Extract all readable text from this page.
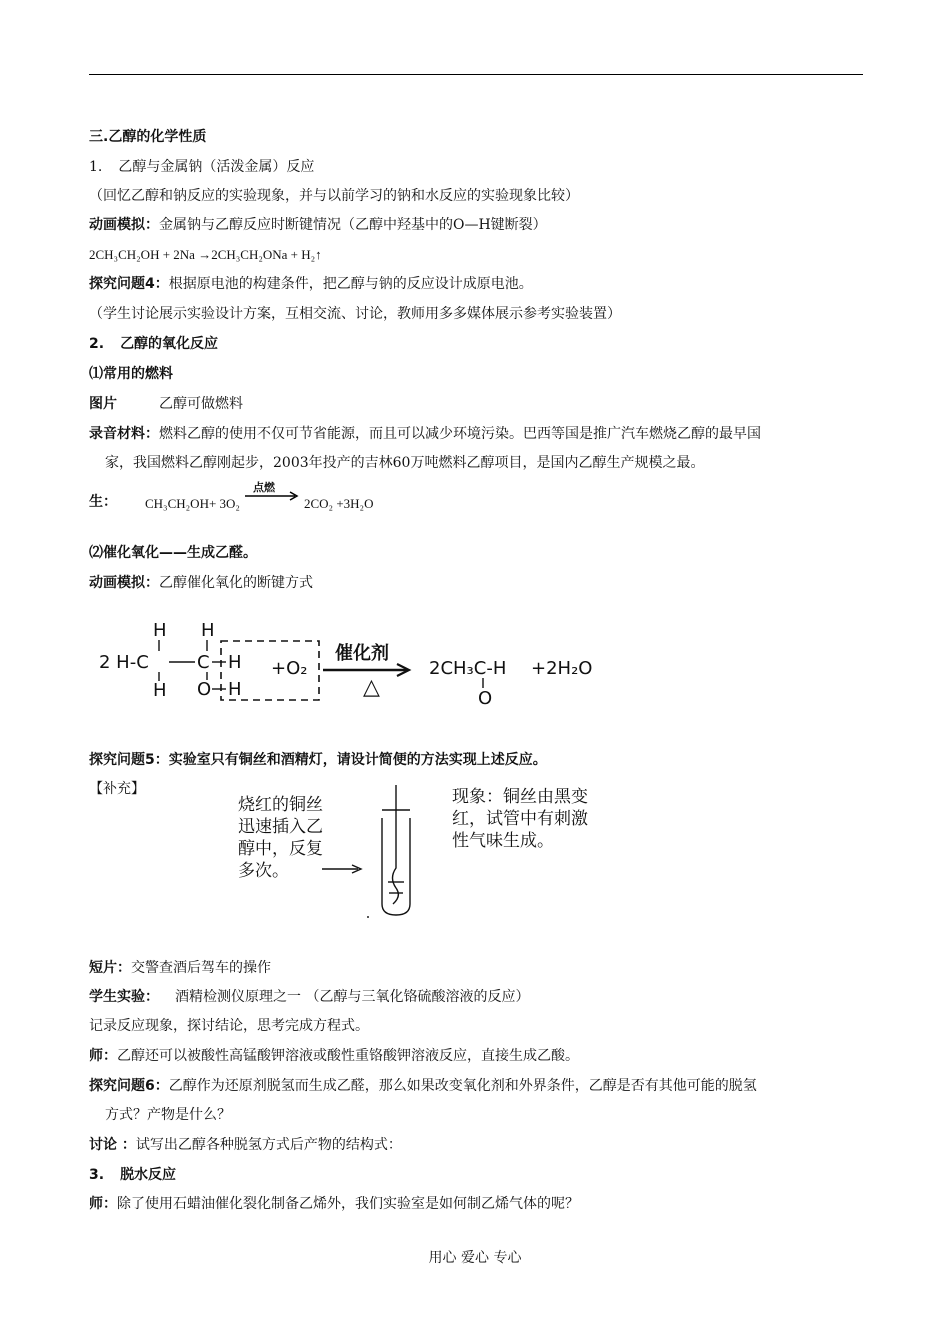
三.乙醇的化学性质
1. 乙醇与金属钠（活泼金属）反应
（回忆乙醇和钠反应的实验现象，并与以前学习的钠和水反应的实验现象比较）
动画模拟：金属钠与乙醇反应时断键情况（乙醇中羟基中的O—H键断裂）
2CH₃CH₂OH + 2Na →2CH₃CH₂ONa + H₂↑
探究问题4：根据原电池的构建条件，把乙醇与钠的反应设计成原电池。
（学生讨论展示实验设计方案，互相交流、讨论，教师用多多媒体展示参考实验装置）
2. 乙醇的氧化反应
⑴常用的燃料
图片	乙醇可做燃料
录音材料：燃料乙醇的使用不仅可节省能源，而且可以减少环境污染。巴西等国是推广汽车燃烧乙醇的最早国
家，我国燃料乙醇刚起步，2003年投产的吉林60万吨燃料乙醇项目，是国内乙醇生产规模之最。
生： CH₃CH₂OH+ 3O₂
点燃
2CO₂ +3H₂O
⑵催化氧化——生成乙醛。
动画模拟：乙醇催化氧化的断键方式
H
2 H-C
H
H
C H
O H
+O₂
催化剂
△
2CH₃C-H
O
+2H₂O
探究问题5：实验室只有铜丝和酒精灯，请设计简便的方法实现上述反应。
【补充】
烧红的铜丝
迅速插入乙
醇中，反复
多次。
现象：铜丝由黑变
红，试管中有刺激
性气味生成。
短片：交警查酒后驾车的操作
学生实验： 酒精检测仪原理之一 （乙醇与三氧化铬硫酸溶液的反应）
记录反应现象，探讨结论，思考完成方程式。
师：乙醇还可以被酸性高锰酸钾溶液或酸性重铬酸钾溶液反应，直接生成乙酸。
探究问题6：乙醇作为还原剂脱氢而生成乙醛，那么如果改变氧化剂和外界条件，乙醇是否有其他可能的脱氢
方式？产物是什么？
讨论 ：试写出乙醇各种脱氢方式后产物的结构式：
3. 脱水反应
师：除了使用石蜡油催化裂化制备乙烯外，我们实验室是如何制乙烯气体的呢？
用心 爱心 专心
